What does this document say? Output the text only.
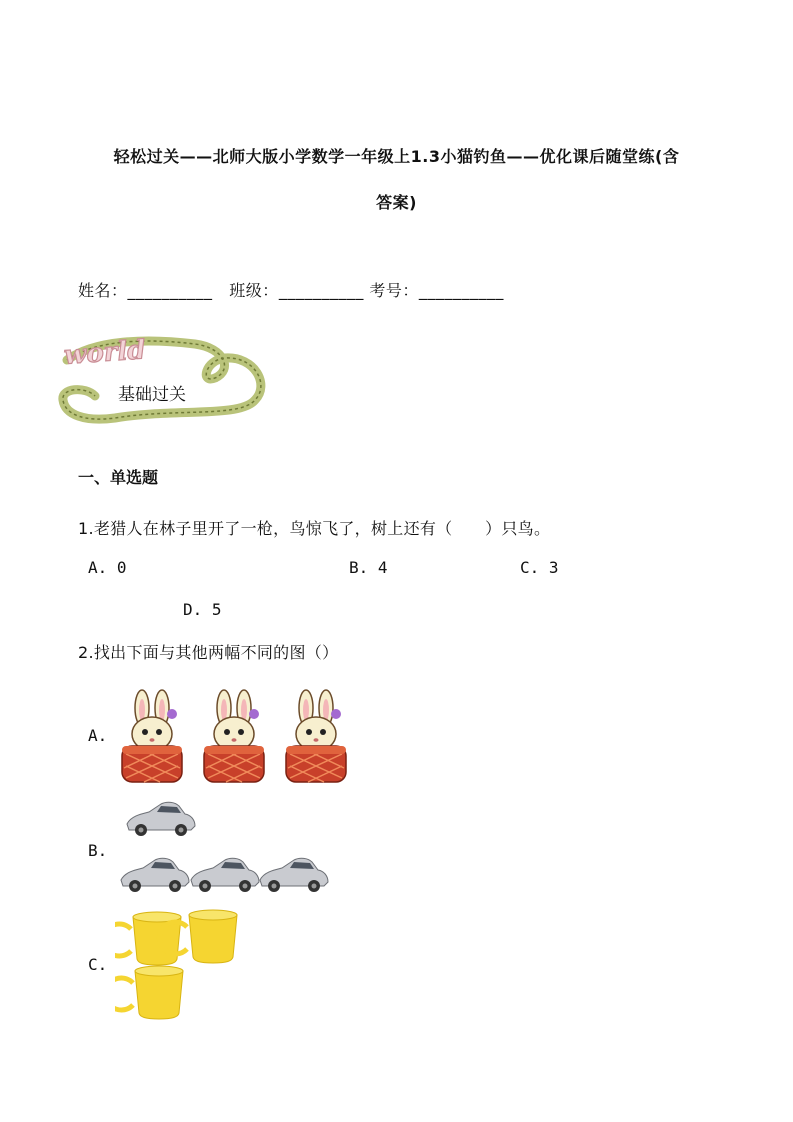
轻松过关——北师大版小学数学一年级上1.3小猫钓鱼——优化课后随堂练(含
答案)
姓名：__________ 班级：__________ 考号：__________
world
基础过关
一、单选题
1.老猎人在林子里开了一枪，鸟惊飞了，树上还有（　　）只鸟。
A. 0	B. 4	C. 3
D. 5
2.找出下面与其他两幅不同的图（）
A.
B.
C.
